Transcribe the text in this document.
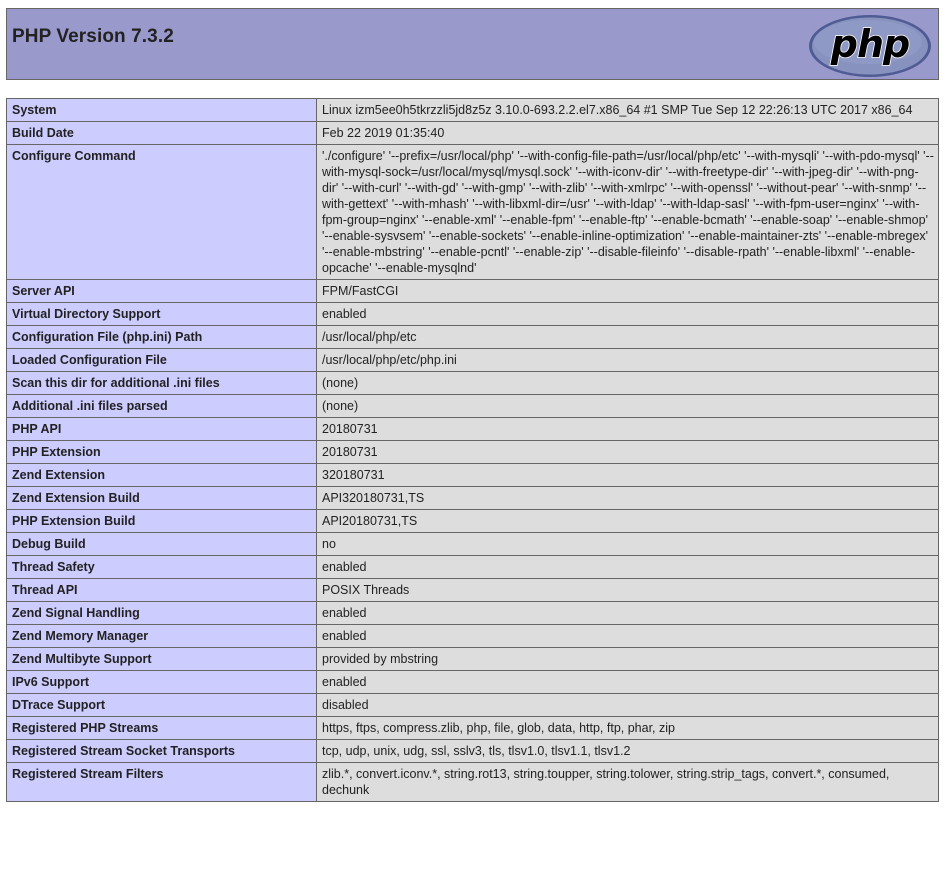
PHP Version 7.3.2	php
System	Linux izm5ee0h5tkrzzli5jd8z5z 3.10.0-693.2.2.el7.x86_64 #1 SMP Tue Sep 12 22:26:13 UTC 2017 x86_64
Build Date	Feb 22 2019 01:35:40
Configure Command	'./configure' '--prefix=/usr/local/php' '--with-config-file-path=/usr/local/php/etc' '--with-mysqli' '--with-pdo-mysql' '--with-mysql-sock=/usr/local/mysql/mysql.sock' '--with-iconv-dir' '--with-freetype-dir' '--with-jpeg-dir' '--with-png-dir' '--with-curl' '--with-gd' '--with-gmp' '--with-zlib' '--with-xmlrpc' '--with-openssl' '--without-pear' '--with-snmp' '--with-gettext' '--with-mhash' '--with-libxml-dir=/usr' '--with-ldap' '--with-ldap-sasl' '--with-fpm-user=nginx' '--with-fpm-group=nginx' '--enable-xml' '--enable-fpm' '--enable-ftp' '--enable-bcmath' '--enable-soap' '--enable-shmop' '--enable-sysvsem' '--enable-sockets' '--enable-inline-optimization' '--enable-maintainer-zts' '--enable-mbregex' '--enable-mbstring' '--enable-pcntl' '--enable-zip' '--disable-fileinfo' '--disable-rpath' '--enable-libxml' '--enable-opcache' '--enable-mysqlnd'
Server API	FPM/FastCGI
Virtual Directory Support	enabled
Configuration File (php.ini) Path	/usr/local/php/etc
Loaded Configuration File	/usr/local/php/etc/php.ini
Scan this dir for additional .ini files	(none)
Additional .ini files parsed	(none)
PHP API	20180731
PHP Extension	20180731
Zend Extension	320180731
Zend Extension Build	API320180731,TS
PHP Extension Build	API20180731,TS
Debug Build	no
Thread Safety	enabled
Thread API	POSIX Threads
Zend Signal Handling	enabled
Zend Memory Manager	enabled
Zend Multibyte Support	provided by mbstring
IPv6 Support	enabled
DTrace Support	disabled
Registered PHP Streams	https, ftps, compress.zlib, php, file, glob, data, http, ftp, phar, zip
Registered Stream Socket Transports	tcp, udp, unix, udg, ssl, sslv3, tls, tlsv1.0, tlsv1.1, tlsv1.2
Registered Stream Filters	zlib.*, convert.iconv.*, string.rot13, string.toupper, string.tolower, string.strip_tags, convert.*, consumed, dechunk
